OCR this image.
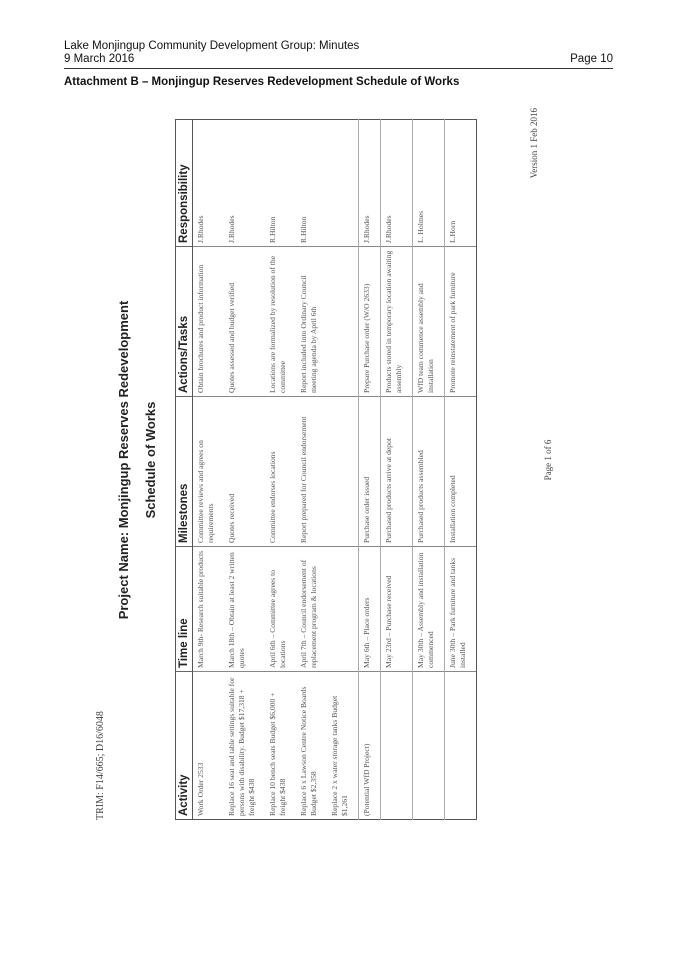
Lake Monjingup Community Development Group: Minutes
9 March 2016	Page 10
Attachment B – Monjingup Reserves Redevelopment Schedule of Works
TRIM: F14/665; D16/6048
Project Name: Monjingup Reserves Redevelopment Schedule of Works
Activity	Time line	Milestones	Actions/Tasks	Responsibility
Work Order 2533	March 9th- Research suitable products	Committee reviews and agrees on requirements	Obtain brochures and product information	J.Rhodes
Replace 16 seat and table settings suitable for persons with disability. Budget $17,318 + freight $438	March 18th – Obtain at least 2 written quotes	Quotes received	Quotes assessed and budget verified	J.Rhodes
Replace 10 bench seats Budget $6,000 + freight $438	April 6th – Committee agrees to locations	Committee endorses locations	Locations are formalized by resolution of the committee	R.Hilton
Replace 6 x Lawson Centre Notice Boards Budget $2,358	April 7th – Council endorsement of replacement program & locations	Report prepared for Council endorsement	Report included into Ordinary Council meeting agenda by April 6th	R.Hilton
Replace 2 x water storage tanks Budget $1,261				
(Potential WfD Project)	May 6th – Place orders	Purchase order issued	Prepare Purchase order (W/O 2633)	J.Rhodes
	May 23rd – Purchase received	Purchased products arrive at depot	Products stored in temporary location awaiting assembly	J.Rhodes
	May 30th – Assembly and installation commenced	Purchased products assembled	WfD team commence assembly and installation	L. Holmes
	June 30th – Park furniture and tanks installed	Installation completed	Promote reinstatement of park furniture	L.Horn
Version 1 Feb 2016
Page 1 of 6
